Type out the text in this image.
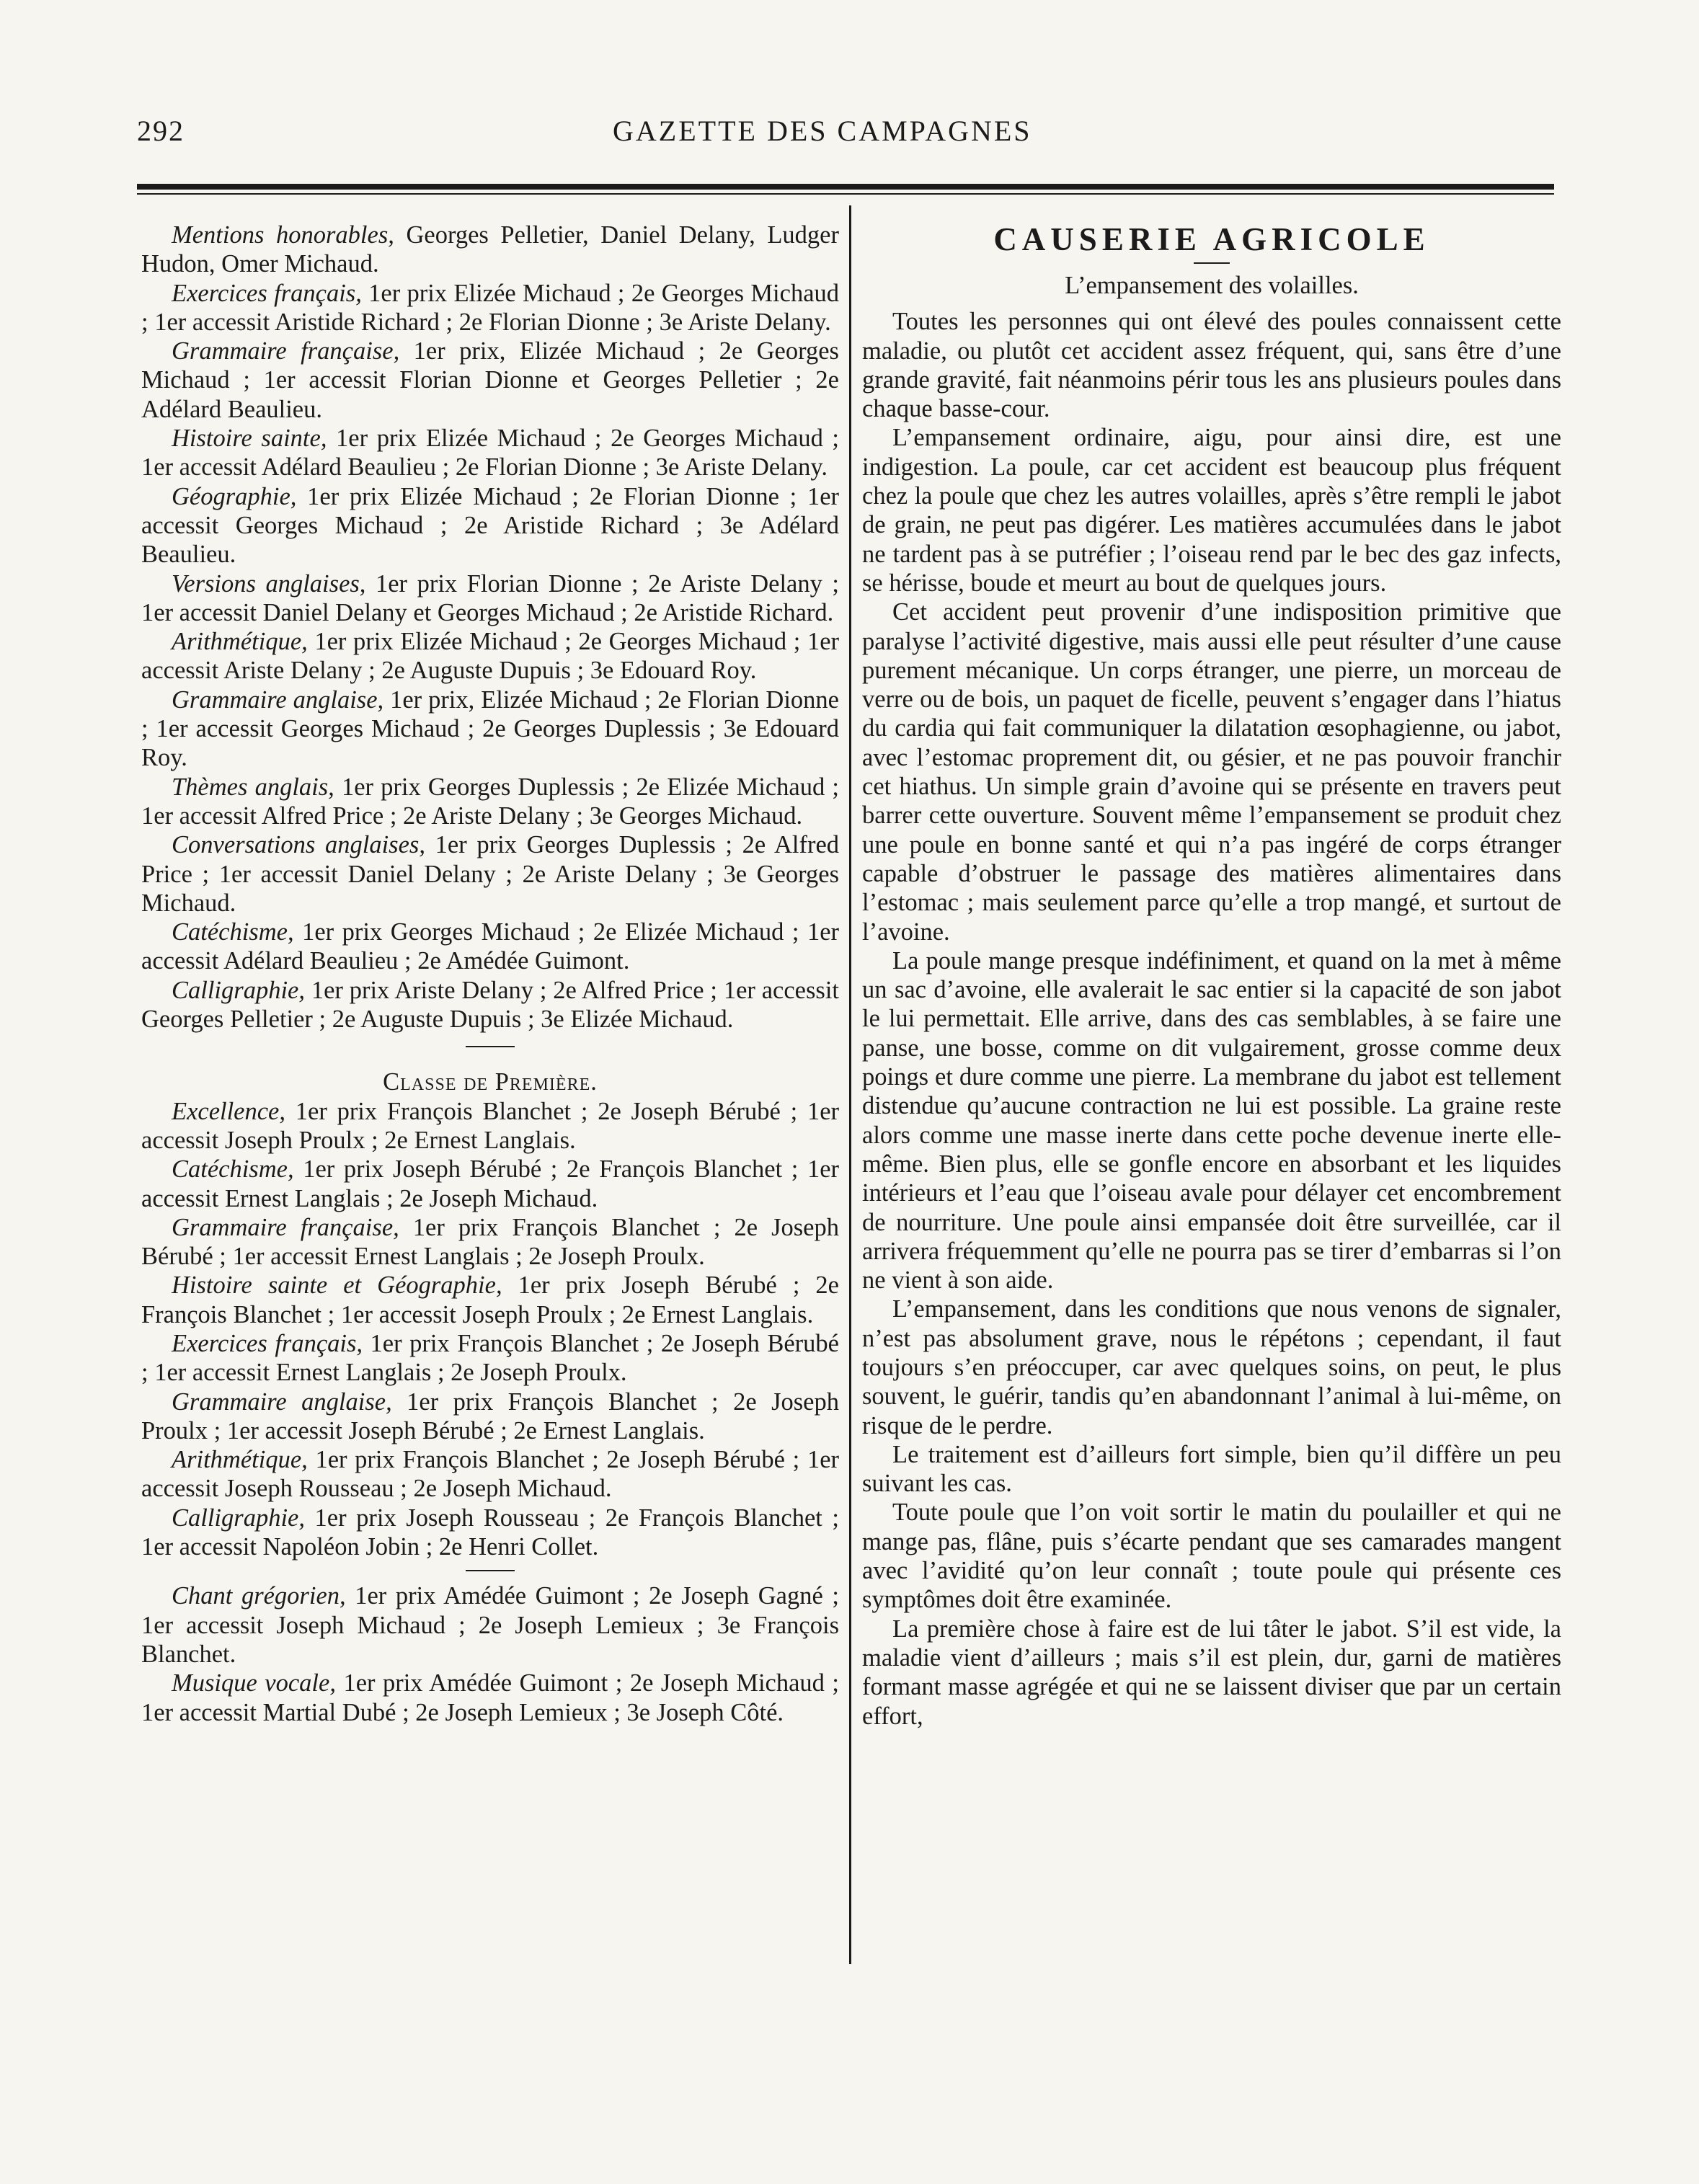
292	GAZETTE DES CAMPAGNES

Mentions honorables, Georges Pelletier, Daniel Delany, Ludger Hudon, Omer Michaud.

Exercices français, 1er prix Elizée Michaud ; 2e Georges Michaud ; 1er accessit Aristide Richard ; 2e Florian Dionne ; 3e Ariste Delany.

Grammaire française, 1er prix, Elizée Michaud ; 2e Georges Michaud ; 1er accessit Florian Dionne et Georges Pelletier ; 2e Adélard Beaulieu.

Histoire sainte, 1er prix Elizée Michaud ; 2e Georges Michaud ; 1er accessit Adélard Beaulieu ; 2e Florian Dionne ; 3e Ariste Delany.

Géographie, 1er prix Elizée Michaud ; 2e Florian Dionne ; 1er accessit Georges Michaud ; 2e Aristide Richard ; 3e Adélard Beaulieu.

Versions anglaises, 1er prix Florian Dionne ; 2e Ariste Delany ; 1er accessit Daniel Delany et Georges Michaud ; 2e Aristide Richard.

Arithmétique, 1er prix Elizée Michaud ; 2e Georges Michaud ; 1er accessit Ariste Delany ; 2e Auguste Dupuis ; 3e Edouard Roy.

Grammaire anglaise, 1er prix, Elizée Michaud ; 2e Florian Dionne ; 1er accessit Georges Michaud ; 2e Georges Duplessis ; 3e Edouard Roy.

Thèmes anglais, 1er prix Georges Duplessis ; 2e Elizée Michaud ; 1er accessit Alfred Price ; 2e Ariste Delany ; 3e Georges Michaud.

Conversations anglaises, 1er prix Georges Duplessis ; 2e Alfred Price ; 1er accessit Daniel Delany ; 2e Ariste Delany ; 3e Georges Michaud.

Catéchisme, 1er prix Georges Michaud ; 2e Elizée Michaud ; 1er accessit Adélard Beaulieu ; 2e Amédée Guimont.

Calligraphie, 1er prix Ariste Delany ; 2e Alfred Price ; 1er accessit Georges Pelletier ; 2e Auguste Dupuis ; 3e Elizée Michaud.

Classe de Première.

Excellence, 1er prix François Blanchet ; 2e Joseph Bérubé ; 1er accessit Joseph Proulx ; 2e Ernest Langlais.

Catéchisme, 1er prix Joseph Bérubé ; 2e François Blanchet ; 1er accessit Ernest Langlais ; 2e Joseph Michaud.

Grammaire française, 1er prix François Blanchet ; 2e Joseph Bérubé ; 1er accessit Ernest Langlais ; 2e Joseph Proulx.

Histoire sainte et Géographie, 1er prix Joseph Bérubé ; 2e François Blanchet ; 1er accessit Joseph Proulx ; 2e Ernest Langlais.

Exercices français, 1er prix François Blanchet ; 2e Joseph Bérubé ; 1er accessit Ernest Langlais ; 2e Joseph Proulx.

Grammaire anglaise, 1er prix François Blanchet ; 2e Joseph Proulx ; 1er accessit Joseph Bérubé ; 2e Ernest Langlais.

Arithmétique, 1er prix François Blanchet ; 2e Joseph Bérubé ; 1er accessit Joseph Rousseau ; 2e Joseph Michaud.

Calligraphie, 1er prix Joseph Rousseau ; 2e François Blanchet ; 1er accessit Napoléon Jobin ; 2e Henri Collet.

Chant grégorien, 1er prix Amédée Guimont ; 2e Joseph Gagné ; 1er accessit Joseph Michaud ; 2e Joseph Lemieux ; 3e François Blanchet.

Musique vocale, 1er prix Amédée Guimont ; 2e Joseph Michaud ; 1er accessit Martial Dubé ; 2e Joseph Lemieux ; 3e Joseph Côté.

CAUSERIE AGRICOLE

L’empansement des volailles.

Toutes les personnes qui ont élevé des poules connaissent cette maladie, ou plutôt cet accident assez fréquent, qui, sans être d’une grande gravité, fait néanmoins périr tous les ans plusieurs poules dans chaque basse-cour.

L’empansement ordinaire, aigu, pour ainsi dire, est une indigestion. La poule, car cet accident est beaucoup plus fréquent chez la poule que chez les autres volailles, après s’être rempli le jabot de grain, ne peut pas digérer. Les matières accumulées dans le jabot ne tardent pas à se putréfier ; l’oiseau rend par le bec des gaz infects, se hérisse, boude et meurt au bout de quelques jours.

Cet accident peut provenir d’une indisposition primitive que paralyse l’activité digestive, mais aussi elle peut résulter d’une cause purement mécanique. Un corps étranger, une pierre, un morceau de verre ou de bois, un paquet de ficelle, peuvent s’engager dans l’hiatus du cardia qui fait communiquer la dilatation œsophagienne, ou jabot, avec l’estomac proprement dit, ou gésier, et ne pas pouvoir franchir cet hiathus. Un simple grain d’avoine qui se présente en travers peut barrer cette ouverture. Souvent même l’empansement se produit chez une poule en bonne santé et qui n’a pas ingéré de corps étranger capable d’obstruer le passage des matières alimentaires dans l’estomac ; mais seulement parce qu’elle a trop mangé, et surtout de l’avoine.

La poule mange presque indéfiniment, et quand on la met à même un sac d’avoine, elle avalerait le sac entier si la capacité de son jabot le lui permettait. Elle arrive, dans des cas semblables, à se faire une panse, une bosse, comme on dit vulgairement, grosse comme deux poings et dure comme une pierre. La membrane du jabot est tellement distendue qu’aucune contraction ne lui est possible. La graine reste alors comme une masse inerte dans cette poche devenue inerte elle-même. Bien plus, elle se gonfle encore en absorbant et les liquides intérieurs et l’eau que l’oiseau avale pour délayer cet encombrement de nourriture. Une poule ainsi empansée doit être surveillée, car il arrivera fréquemment qu’elle ne pourra pas se tirer d’embarras si l’on ne vient à son aide.

L’empansement, dans les conditions que nous venons de signaler, n’est pas absolument grave, nous le répétons ; cependant, il faut toujours s’en préoccuper, car avec quelques soins, on peut, le plus souvent, le guérir, tandis qu’en abandonnant l’animal à lui-même, on risque de le perdre.

Le traitement est d’ailleurs fort simple, bien qu’il diffère un peu suivant les cas.

Toute poule que l’on voit sortir le matin du poulailler et qui ne mange pas, flâne, puis s’écarte pendant que ses camarades mangent avec l’avidité qu’on leur connaît ; toute poule qui présente ces symptômes doit être examinée.

La première chose à faire est de lui tâter le jabot. S’il est vide, la maladie vient d’ailleurs ; mais s’il est plein, dur, garni de matières formant masse agrégée et qui ne se laissent diviser que par un certain effort,
